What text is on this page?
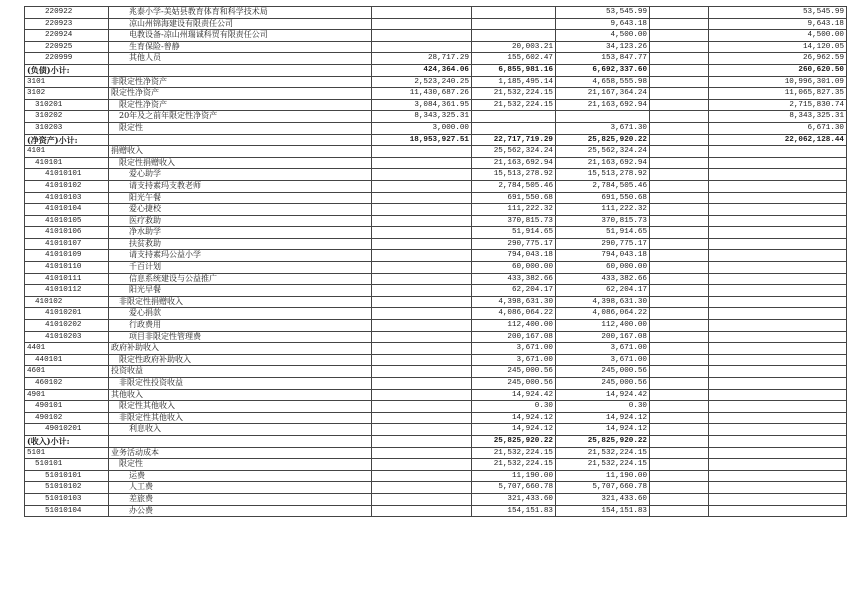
220922	兆泰小学-美姑县教育体育和科学技术局			53,545.99		53,545.99
220923	凉山州锦海建设有限责任公司			9,643.18		9,643.18
220924	电教设备-凉山州瑞诚科贸有限责任公司			4,500.00		4,500.00
220925	生育保险-曾静		20,003.21	34,123.26		14,120.05
220999	其他人员	28,717.29	155,602.47	153,847.77		26,962.59
(负债)小计:		424,364.06	6,855,981.16	6,692,337.60		260,620.50
3101	非限定性净资产	2,523,240.25	1,185,495.14	4,658,555.98		10,996,301.09
3102	限定性净资产	11,430,687.26	21,532,224.15	21,167,364.24		11,065,827.35
310201	限定性净资产	3,084,361.95	21,532,224.15	21,163,692.94		2,715,830.74
310202	20年及之前年限定性净资产	8,343,325.31				8,343,325.31
310203	限定性	3,000.00		3,671.30		6,671.30
(净资产)小计:		18,953,927.51	22,717,719.29	25,825,920.22		22,062,128.44
4101	捐赠收入		25,562,324.24	25,562,324.24		
410101	限定性捐赠收入		21,163,692.94	21,163,692.94		
41010101	爱心助学		15,513,278.92	15,513,278.92		
41010102	请支持素玛支教老师		2,784,505.46	2,784,505.46		
41010103	阳光午餐		691,550.68	691,550.68		
41010104	爱心捷校		111,222.32	111,222.32		
41010105	医疗救助		370,815.73	370,815.73		
41010106	净水助学		51,914.65	51,914.65		
41010107	扶贫救助		290,775.17	290,775.17		
41010109	请支持素玛公益小学		794,043.18	794,043.18		
41010110	千百计划		60,000.00	60,000.00		
41010111	信息系统建设与公益推广		433,382.66	433,382.66		
41010112	阳光早餐		62,204.17	62,204.17		
410102	非限定性捐赠收入		4,398,631.30	4,398,631.30		
41010201	爱心捐款		4,086,064.22	4,086,064.22		
41010202	行政费用		112,400.00	112,400.00		
41010203	项目非限定性管理费		200,167.08	200,167.08		
4401	政府补助收入		3,671.00	3,671.00		
440101	限定性政府补助收入		3,671.00	3,671.00		
4601	投资收益		245,000.56	245,000.56		
460102	非限定性投资收益		245,000.56	245,000.56		
4901	其他收入		14,924.42	14,924.42		
490101	限定性其他收入		0.30	0.30		
490102	非限定性其他收入		14,924.12	14,924.12		
49010201	利息收入		14,924.12	14,924.12		
(收入)小计:			25,825,920.22	25,825,920.22		
5101	业务活动成本		21,532,224.15	21,532,224.15		
510101	限定性		21,532,224.15	21,532,224.15		
51010101	运费		11,190.00	11,190.00		
51010102	人工费		5,707,660.78	5,707,660.78		
51010103	差旅费		321,433.60	321,433.60		
51010104	办公费		154,151.83	154,151.83		
